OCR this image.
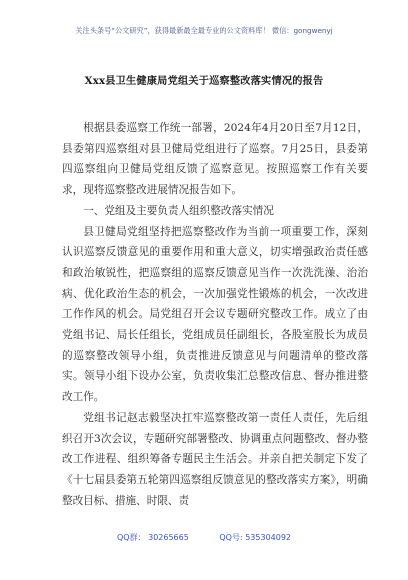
关注头条号“公文研究”，获得最新最全最专业的公文资料库！ 微信：gongwenyj
Xxx县卫生健康局党组关于巡察整改落实情况的报告

根据县委巡察工作统一部署，2024年4月20日至7月12日，县委第四巡察组对县卫健局党组进行了巡察。7月25日，县委第四巡察组向卫健局党组反馈了巡察意见。按照巡察工作有关要求，现将巡察整改进展情况报告如下。

一、党组及主要负责人组织整改落实情况

县卫健局党组坚持把巡察整改作为当前一项重要工作，深刻认识巡察反馈意见的重要作用和重大意义，切实增强政治责任感和政治敏锐性，把巡察组的巡察反馈意见当作一次洗洗澡、治治病、优化政治生态的机会，一次加强党性锻炼的机会，一次改进工作作风的机会。局党组召开会议专题研究整改工作。成立了由党组书记、局长任组长，党组成员任副组长，各股室股长为成员的巡察整改领导小组，负责推进反馈意见与问题清单的整改落实。领导小组下设办公室，负责收集汇总整改信息、督办推进整改工作。

党组书记赵志毅坚决扛牢巡察整改第一责任人责任，先后组织召开3次会议，专题研究部署整改、协调重点问题整改、督办整改工作进程、组织筹备专题民主生活会。并亲自把关制定下发了《十七届县委第五轮第四巡察组反馈意见的整改落实方案》，明确整改目标、措施、时限、责

QQ群： 30265665	QQ号: 535304092
